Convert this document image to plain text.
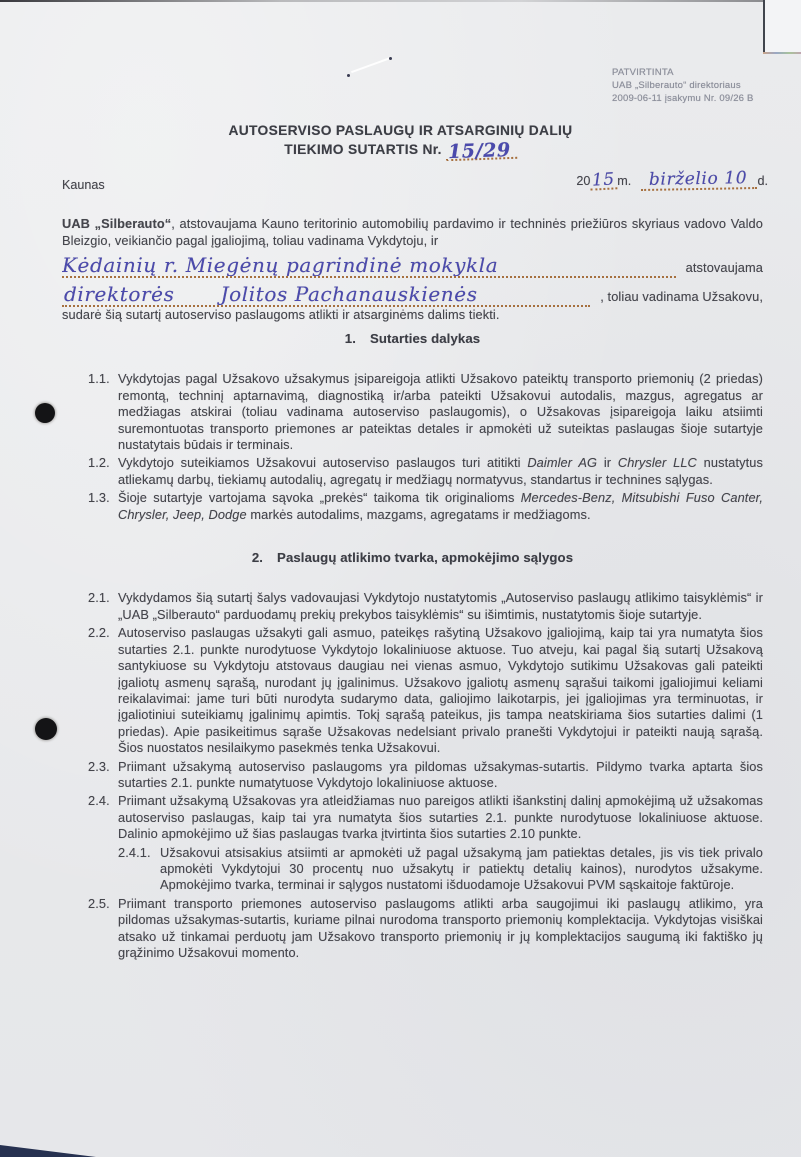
PATVIRTINTA
UAB „Silberauto“ direktoriaus
2009-06-11 įsakymu Nr. 09/26 B
AUTOSERVISO PASLAUGŲ IR ATSARGINIŲ DALIŲ
TIEKIMO SUTARTIS Nr. 15/29
Kaunas	20 15 m.	birželio 10 d.

UAB „Silberauto“, atstovaujama Kauno teritorinio automobilių pardavimo ir techninės priežiūros skyriaus vadovo Valdo Bleizgio, veikiančio pagal įgaliojimą, toliau vadinama Vykdytoju, ir

Kėdainių r. Miegėnų pagrindinė mokykla	atstovaujama
direktorės Jolitos Pachanauskienės	, toliau vadinama Užsakovu,

sudarė šią sutartį autoserviso paslaugoms atlikti ir atsarginėms dalims tiekti.

1. Sutarties dalykas
1.1. Vykdytojas pagal Užsakovo užsakymus įsipareigoja atlikti Užsakovo pateiktų transporto priemonių (2 priedas) remontą, techninį aptarnavimą, diagnostiką ir/arba pateikti Užsakovui autodalis, mazgus, agregatus ar medžiagas atskirai (toliau vadinama autoserviso paslaugomis), o Užsakovas įsipareigoja laiku atsiimti suremontuotas transporto priemones ar pateiktas detales ir apmokėti už suteiktas paslaugas šioje sutartyje nustatytais būdais ir terminais.
1.2. Vykdytojo suteikiamos Užsakovui autoserviso paslaugos turi atitikti Daimler AG ir Chrysler LLC nustatytus atliekamų darbų, tiekiamų autodalių, agregatų ir medžiagų normatyvus, standartus ir technines sąlygas.
1.3. Šioje sutartyje vartojama sąvoka „prekės“ taikoma tik originalioms Mercedes-Benz, Mitsubishi Fuso Canter, Chrysler, Jeep, Dodge markės autodalims, mazgams, agregatams ir medžiagoms.
2. Paslaugų atlikimo tvarka, apmokėjimo sąlygos
2.1. Vykdydamos šią sutartį šalys vadovaujasi Vykdytojo nustatytomis „Autoserviso paslaugų atlikimo taisyklėmis“ ir „UAB „Silberauto“ parduodamų prekių prekybos taisyklėmis“ su išimtimis, nustatytomis šioje sutartyje.
2.2. Autoserviso paslaugas užsakyti gali asmuo, pateikęs rašytiną Užsakovo įgaliojimą, kaip tai yra numatyta šios sutarties 2.1. punkte nurodytuose Vykdytojo lokaliniuose aktuose. Tuo atveju, kai pagal šią sutartį Užsakovą santykiuose su Vykdytoju atstovaus daugiau nei vienas asmuo, Vykdytojo sutikimu Užsakovas gali pateikti įgaliotų asmenų sąrašą, nurodant jų įgalinimus. Užsakovo įgaliotų asmenų sąrašui taikomi įgaliojimui keliami reikalavimai: jame turi būti nurodyta sudarymo data, galiojimo laikotarpis, jei įgaliojimas yra terminuotas, ir įgaliotiniui suteikiamų įgalinimų apimtis. Tokį sąrašą pateikus, jis tampa neatskiriama šios sutarties dalimi (1 priedas). Apie pasikeitimus sąraše Užsakovas nedelsiant privalo pranešti Vykdytojui ir pateikti naują sąrašą. Šios nuostatos nesilaikymo pasekmės tenka Užsakovui.
2.3. Priimant užsakymą autoserviso paslaugoms yra pildomas užsakymas-sutartis. Pildymo tvarka aptarta šios sutarties 2.1. punkte numatytuose Vykdytojo lokaliniuose aktuose.
2.4. Priimant užsakymą Užsakovas yra atleidžiamas nuo pareigos atlikti išankstinį dalinį apmokėjimą už užsakomas autoserviso paslaugas, kaip tai yra numatyta šios sutarties 2.1. punkte nurodytuose lokaliniuose aktuose. Dalinio apmokėjimo už šias paslaugas tvarka įtvirtinta šios sutarties 2.10 punkte.
2.4.1. Užsakovui atsisakius atsiimti ar apmokėti už pagal užsakymą jam patiektas detales, jis vis tiek privalo apmokėti Vykdytojui 30 procentų nuo užsakytų ir patiektų detalių kainos), nurodytos užsakyme. Apmokėjimo tvarka, terminai ir sąlygos nustatomi išduodamoje Užsakovui PVM sąskaitoje faktūroje.
2.5. Priimant transporto priemones autoserviso paslaugoms atlikti arba saugojimui iki paslaugų atlikimo, yra pildomas užsakymas-sutartis, kuriame pilnai nurodoma transporto priemonių komplektacija. Vykdytojas visiškai atsako už tinkamai perduotų jam Užsakovo transporto priemonių ir jų komplektacijos saugumą iki faktiško jų grąžinimo Užsakovui momento.
